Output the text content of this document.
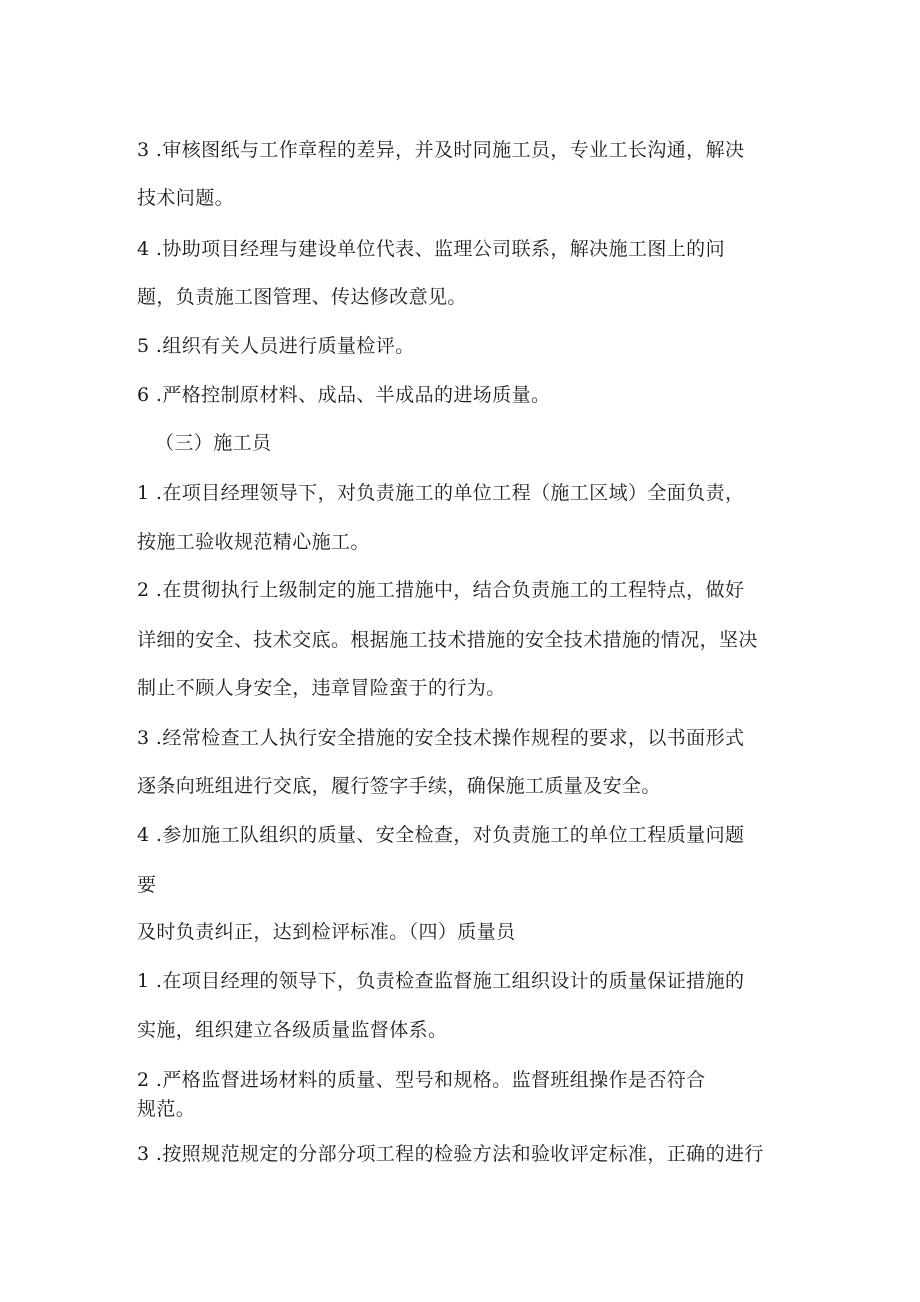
3 .审核图纸与工作章程的差异，并及时同施工员，专业工长沟通，解决
技术问题。
4 .协助项目经理与建设单位代表、监理公司联系，解决施工图上的问
题，负责施工图管理、传达修改意见。
5 .组织有关人员进行质量检评。
6 .严格控制原材料、成品、半成品的进场质量。
（三）施工员
1 .在项目经理领导下，对负责施工的单位工程（施工区域）全面负责，
按施工验收规范精心施工。
2 .在贯彻执行上级制定的施工措施中，结合负责施工的工程特点，做好
详细的安全、技术交底。根据施工技术措施的安全技术措施的情况，坚决
制止不顾人身安全，违章冒险蛮于的行为。
3 .经常检查工人执行安全措施的安全技术操作规程的要求，以书面形式
逐条向班组进行交底，履行签字手续，确保施工质量及安全。
4 .参加施工队组织的质量、安全检查，对负责施工的单位工程质量问题
要
及时负责纠正，达到检评标准。（四）质量员
1 .在项目经理的领导下，负责检查监督施工组织设计的质量保证措施的
实施，组织建立各级质量监督体系。
2 .严格监督进场材料的质量、型号和规格。监督班组操作是否符合
规范。
3 .按照规范规定的分部分项工程的检验方法和验收评定标准，正确的进行
